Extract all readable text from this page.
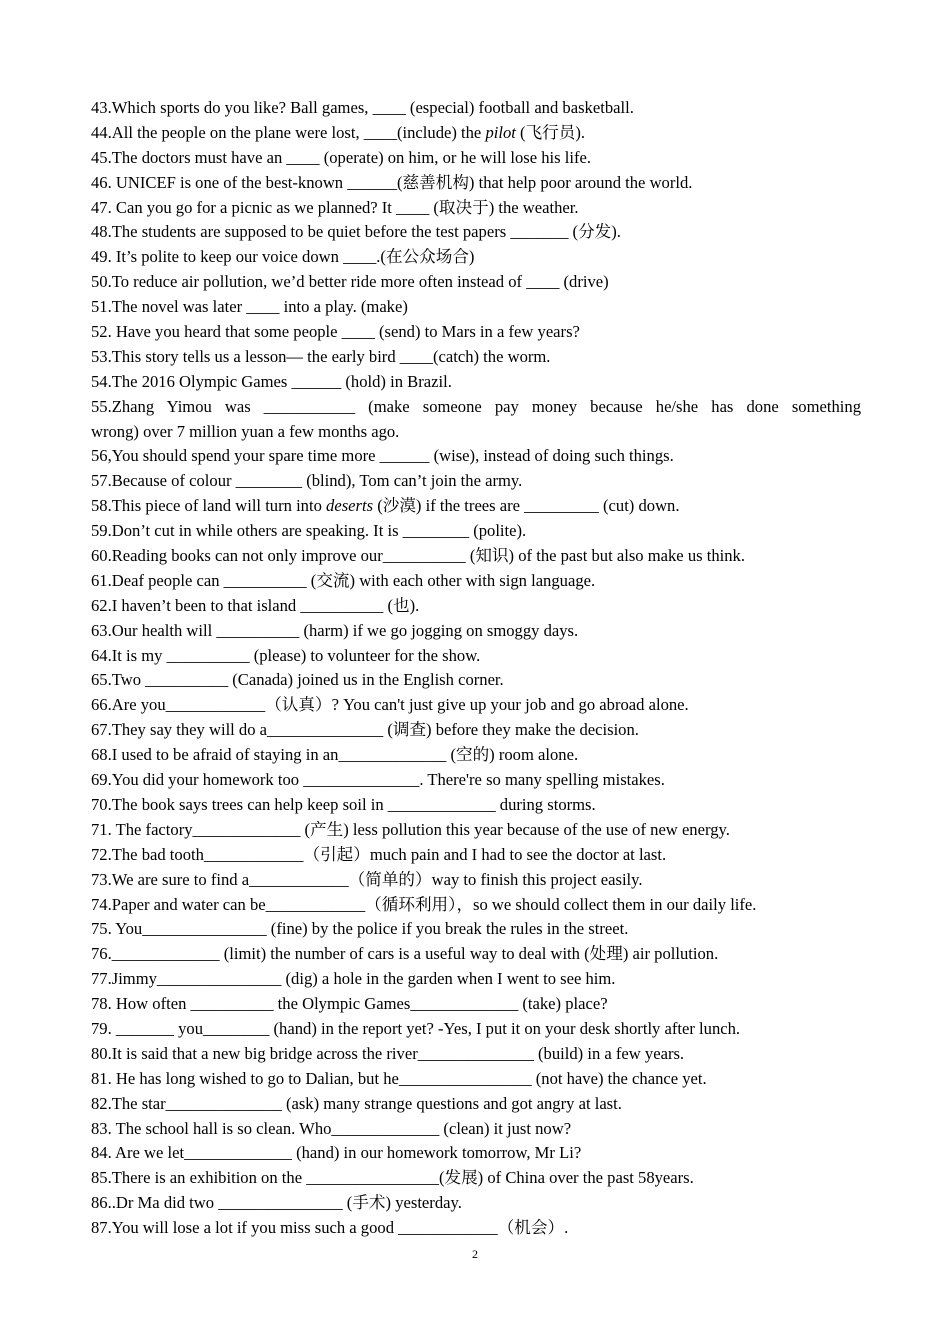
43.Which sports do you like? Ball games, ____ (especial) football and basketball.
44.All the people on the plane were lost, ____(include) the pilot (飞行员).
45.The doctors must have an ____ (operate) on him, or he will lose his life.
46. UNICEF is one of the best-known ______(慈善机构) that help poor around the world.
47. Can you go for a picnic as we planned? It ____ (取决于) the weather.
48.The students are supposed to be quiet before the test papers _______ (分发).
49. It’s polite to keep our voice down ____.(在公众场合)
50.To reduce air pollution, we’d better ride more often instead of ____ (drive)
51.The novel was later ____ into a play. (make)
52. Have you heard that some people ____ (send) to Mars in a few years?
53.This story tells us a lesson— the early bird ____(catch) the worm.
54.The 2016 Olympic Games ______ (hold) in Brazil.
55.Zhang Yimou was ___________ (make someone pay money because he/she has done something
wrong) over 7 million yuan a few months ago.
56,You should spend your spare time more ______ (wise), instead of doing such things.
57.Because of colour ________ (blind), Tom can’t join the army.
58.This piece of land will turn into deserts (沙漠) if the trees are _________ (cut) down.
59.Don’t cut in while others are speaking. It is ________ (polite).
60.Reading books can not only improve our__________ (知识) of the past but also make us think.
61.Deaf people can __________ (交流) with each other with sign language.
62.I haven’t been to that island __________ (也).
63.Our health will __________ (harm) if we go jogging on smoggy days.
64.It is my __________ (please) to volunteer for the show.
65.Two __________ (Canada) joined us in the English corner.
66.Are you____________（认真）? You can't just give up your job and go abroad alone.
67.They say they will do a______________ (调查) before they make the decision.
68.I used to be afraid of staying in an_____________ (空的) room alone.
69.You did your homework too ______________. There're so many spelling mistakes.
70.The book says trees can help keep soil in _____________ during storms.
71. The factory_____________ (产生) less pollution this year because of the use of new energy.
72.The bad tooth____________（引起）much pain and I had to see the doctor at last.
73.We are sure to find a____________（简单的）way to finish this project easily.
74.Paper and water can be____________（循环利用），so we should collect them in our daily life.
75. You_______________ (fine) by the police if you break the rules in the street.
76._____________ (limit) the number of cars is a useful way to deal with (处理) air pollution.
77.Jimmy_______________ (dig) a hole in the garden when I went to see him.
78. How often __________ the Olympic Games_____________ (take) place?
79. _______ you________ (hand) in the report yet? -Yes, I put it on your desk shortly after lunch.
80.It is said that a new big bridge across the river______________ (build) in a few years.
81. He has long wished to go to Dalian, but he________________ (not have) the chance yet.
82.The star______________ (ask) many strange questions and got angry at last.
83. The school hall is so clean. Who_____________ (clean) it just now?
84. Are we let_____________ (hand) in our homework tomorrow, Mr Li?
85.There is an exhibition on the ________________(发展) of China over the past 58years.
86..Dr Ma did two _______________ (手术) yesterday.
87.You will lose a lot if you miss such a good ____________（机会）.
2
